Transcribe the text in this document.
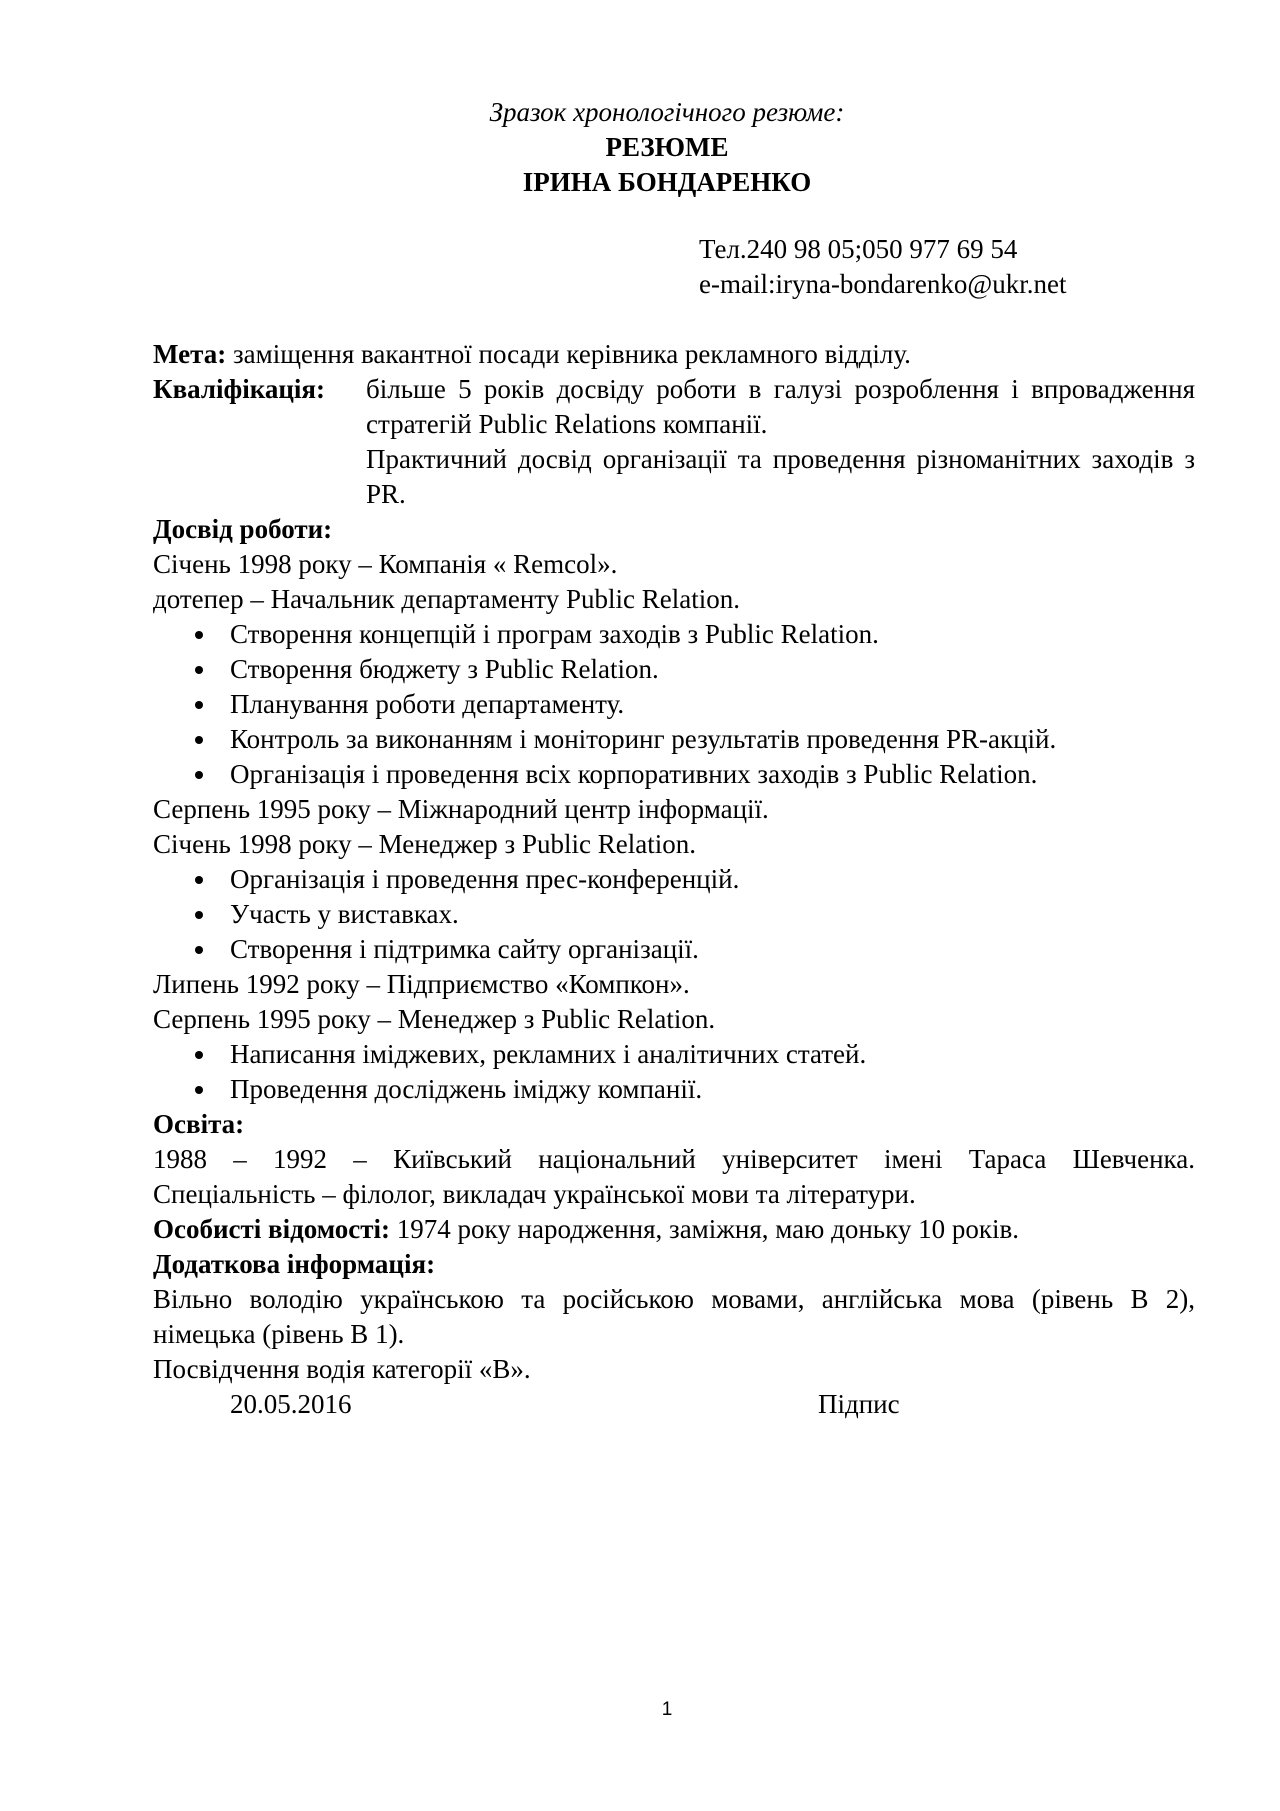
Зразок хронологічного резюме:
РЕЗЮМЕ
ІРИНА БОНДАРЕНКО
Тел.240 98 05;050 977 69 54
e-mail:iryna-bondarenko@ukr.net
Мета: заміщення вакантної посади керівника рекламного відділу.
Кваліфікація:	більше 5 років досвіду роботи в галузі розроблення і впровадження стратегій Public Relations компанії.

Практичний досвід організації та проведення різноманітних заходів з PR.

Досвід роботи:
Січень 1998 року – Компанія « Remcol».
дотепер – Начальник департаменту Public Relation.
Створення концепцій і програм заходів з Public Relation.
Створення бюджету з Public Relation.
Планування роботи департаменту.
Контроль за виконанням і моніторинг результатів проведення PR-акцій.
Організація і проведення всіх корпоративних заходів з Public Relation.
Серпень 1995 року – Міжнародний центр інформації.
Січень 1998 року – Менеджер з Public Relation.
Організація і проведення прес-конференцій.
Участь у виставках.
Створення і підтримка сайту організації.
Липень 1992 року – Підприємство «Компкон».
Серпень 1995 року – Менеджер з Public Relation.
Написання іміджевих, рекламних і аналітичних статей.
Проведення досліджень іміджу компанії.
Освіта:
1988 – 1992 – Київський національний університет імені Тараса Шевченка.
Спеціальність – філолог, викладач української мови та літератури.
Особисті відомості: 1974 року народження, заміжня, маю доньку 10 років.
Додаткова інформація:
Вільно володію українською та російською мовами, англійська мова (рівень В 2), німецька (рівень В 1).
Посвідчення водія категорії «В».
20.05.2016	Підпис
1
